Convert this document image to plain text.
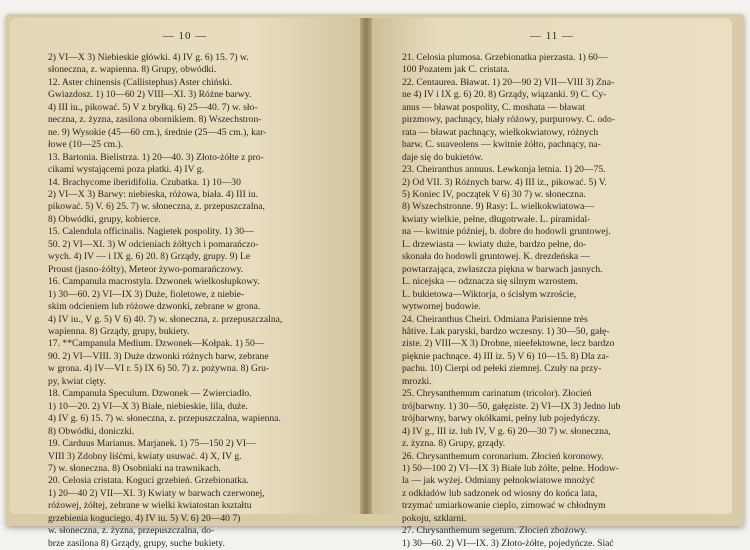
— 10 —
2) VI—X 3) Niebieskie główki. 4) IV g. 6) 15. 7) w.
słoneczna, z. wapienna. 8) Grupy, obwódki.
12. Aster chinensis (Callistephus) Aster chiński.
Gwiazdosz. 1) 10—60 2) VIII—XI. 3) Różne barwy.
4) III iu., pikować. 5) V z bryłką. 6) 25—40. 7) w. sło-
neczna, z. żyzna, zasilona obornikiem. 8) Wszechstron-
ne. 9) Wysokie (45—60 cm.), średnie (25—45 cm.), kar-
łowe (10—25 cm.).
13. Bartonia. Bielistrza. 1) 20—40. 3) Złoto-żółte z pro-
cikami wystającemi poza płatki. 4) IV g.
14. Brachycome iberidifolia. Czubatka. 1) 10—30
2) VI—X 3) Barwy: niebieska, różowa, biała. 4) III iu.
pikować. 5) V. 6) 25. 7) w. słoneczna, z. przepuszczalna,
8) Obwódki, grupy, kobierce.
15. Calendula officinalis. Nagietek pospolity. 1) 30—
50. 2) VI—XI. 3) W odcieniach żółtych i pomarańczo-
wych. 4) IV — i IX g. 6) 20. 8) Grządy, grupy. 9) Le
Proust (jasno-żółty), Meteor żywo-pomarańczowy.
16. Campanula macrostyla. Dzwonek wielkosłupkowy.
1) 30—60. 2) VI—IX 3) Duże, fioletowe, z niebie-
skim odcieniem lub różowe dzwonki, zebrane w grona.
4) IV iu., V g. 5) V 6) 40. 7) w. słoneczna, z. przepuszczalna,
wapienna. 8) Grządy, grupy, bukiety.
17. **Campanula Medium. Dzwonek—Kołpak. 1) 50—
90. 2) VI—VIII. 3) Duże dzwonki różnych barw, zebrane
w grona. 4) IV—VI r. 5) IX 6) 50. 7) z. pożywna. 8) Gru-
py, kwiat cięty.
18. Campanula Speculum. Dzwonek — Zwierciadło.
1) 10—20. 2) VI—X 3) Białe, niebieskie, lila, duże.
4) IV g. 6) 15. 7) w. słoneczna, z. przepuszczalna, wapienna.
8) Obwódki, doniczki.
19. Carduus Marianus. Marjanek. 1) 75—150 2) VI—
VIII 3) Zdobny liśćmi, kwiaty usuwać. 4) X, IV g.
7) w. słoneczna. 8) Osobniaki na trawnikach.
20. Celosia cristata. Koguci grzebień. Grzebionatka.
1) 20—40 2) VII—XI. 3) Kwiaty w barwach czerwonej,
różowej, żółtej, zebrane w wielki kwiatostan kształtu
grzebienia koguciego. 4) IV iu. 5) V. 6) 20—40 7)
w. słoneczna, z. żyzna, przepuszczalna, do-
brze zasilona 8) Grządy, grupy, suche bukiety.
— 11 —
21. Celosia plumosa. Grzebionatka pierzasta. 1) 60—
100 Pozatem jak C. cristata.
22. Centaurea. Bławat. 1) 20—90 2) VII—VIII 3) Zna-
ne 4) IV i IX g. 6) 20. 8) Grządy, wiązanki. 9) C. Cy-
anus — bławat pospolity, C. moshata — bławat
pirzmowy, pachnący, biały różowy, purpurowy. C. odo-
rata — bławat pachnący, wielkokwiatowy, różnych
barw. C. suaveolens — kwitnie żółto, pachnący, na-
daje się do bukietów.
23. Cheiranthus annuus. Lewkonja letnia. 1) 20—75.
2) Od VII. 3) Różnych barw. 4) III iz., pikować. 5) V.
5) Koniec IV, początek V 6) 30 7) w. słoneczna.
8) Wszechstronne. 9) Rasy: L. wielkokwiatowa—
kwiaty wielkie, pełne, długotrwałe. L. piramidal-
na — kwitnie później, b. dobre do hodowli gruntowej.
L. drzewiasta — kwiaty duże, bardzo pełne, do-
skonała do hodowli gruntowej. K. drezdeńska —
powtarzająca, zwłaszcza piękna w barwach jasnych.
L. nicejska — odznacza się silnym wzrostem.
L. bukietowa—Wiktorja, o ścisłym wzroście,
wytwornej budowie.
24. Cheiranthus Cheiri. Odmiana Parisienne très
hâtive. Lak paryski, bardzo wczesny. 1) 30—50, gałę-
ziste. 2) VIII—X 3) Drobne, nieefektowne, lecz bardzo
pięknie pachnące. 4) III iz. 5) V 6) 10—15. 8) Dla za-
pachu. 10) Cierpi od pełeki ziemnej. Czuły na przy-
mrozki.
25. Chrysanthemum carinatum (tricolor). Złocień
trójbarwny. 1) 30—50, gałęziste. 2) VI—IX 3) Jedno lub
trójbarwny, barwy okółkami, pełny lub pojedyńczy.
4) IV g., III iz. lub IV, V g. 6) 20—30 7) w. słoneczna,
z. żyzna. 8) Grupy, grządy.
26. Chrysanthemum coronarium. Złocień koronowy.
1) 50—100 2) VI—IX 3) Białe lub żółte, pełne. Hodow-
la — jak wyżej. Odmiany pełnokwiatowe mnożyć
z odkładów lub sadzonek od wiosny do końca lata,
trzymać umiarkowanie cieplo, zimować w chłodnym
pokoju, szklarni.
27. Chrysanthemum segetum. Złocień zbożowy.
1) 30—60. 2) VI—IX. 3) Złoto-żółte, pojedyńcze. Siać
